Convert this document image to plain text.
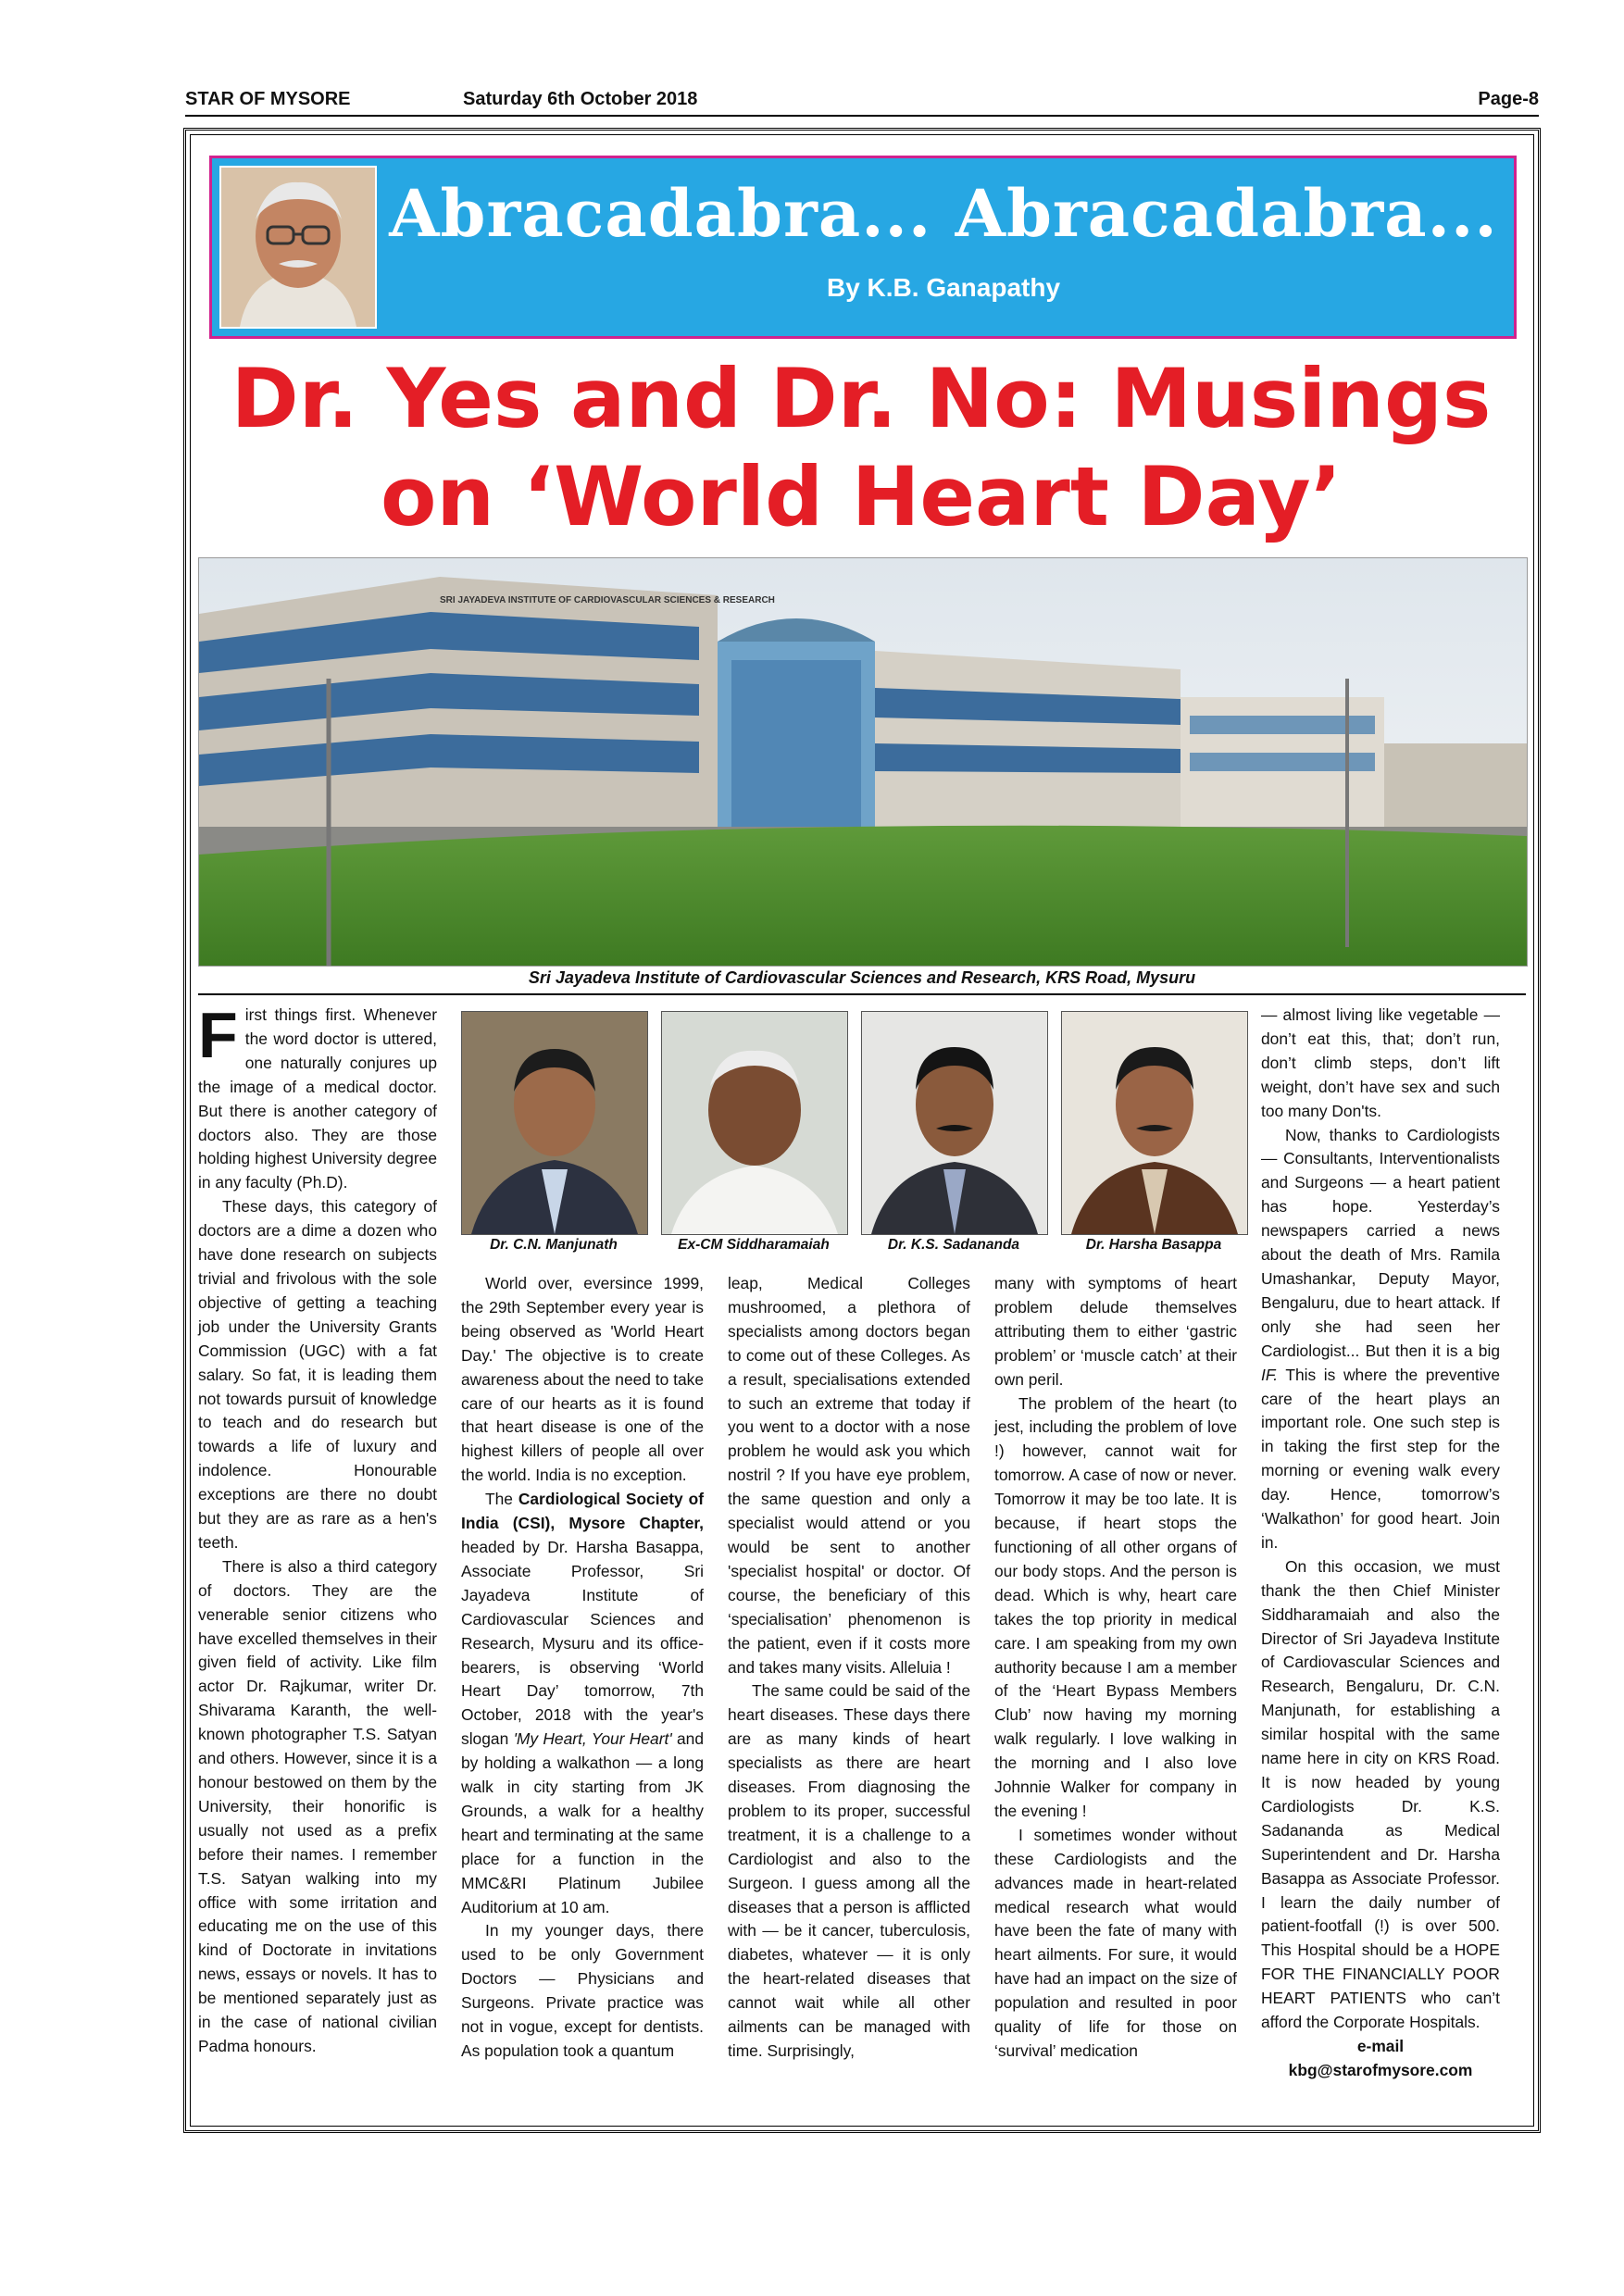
STAR OF MYSORE	Saturday 6th October 2018	Page-8
Abracadabra... Abracadabra...
By K.B. Ganapathy
Dr. Yes and Dr. No: Musings
on ‘World Heart Day’
SRI JAYADEVA INSTITUTE OF CARDIOVASCULAR SCIENCES & RESEARCH
Sri Jayadeva Institute of Cardiovascular Sciences and Research, KRS Road, Mysuru
Dr. C.N. Manjunath	Ex-CM Siddharamaiah	Dr. K.S. Sadananda	Dr. Harsha Basappa

First things first. Whenever the word doctor is uttered, one naturally conjures up the image of a medical doctor. But there is another category of doctors also. They are those holding highest University degree in any faculty (Ph.D).

These days, this category of doctors are a dime a dozen who have done research on subjects trivial and frivolous with the sole objective of getting a teaching job under the University Grants Commission (UGC) with a fat salary. So fat, it is leading them not towards pursuit of knowledge to teach and do research but towards a life of luxury and indolence. Honourable exceptions are there no doubt but they are as rare as a hen's teeth.

There is also a third category of doctors. They are the venerable senior citizens who have excelled themselves in their given field of activity. Like film actor Dr. Rajkumar, writer Dr. Shivarama Karanth, the well-known photographer T.S. Satyan and others. However, since it is a honour bestowed on them by the University, their honorific is usually not used as a prefix before their names. I remember T.S. Satyan walking into my office with some irritation and educating me on the use of this kind of Doctorate in invitations news, essays or novels. It has to be mentioned separately just as in the case of national civilian Padma honours.

World over, eversince 1999, the 29th September every year is being observed as 'World Heart Day.' The objective is to create awareness about the need to take care of our hearts as it is found that heart disease is one of the highest killers of people all over the world. India is no exception.

The Cardiological Society of India (CSI), Mysore Chapter, headed by Dr. Harsha Basappa, Associate Professor, Sri Jayadeva Institute of Cardiovascular Sciences and Research, Mysuru and its office-bearers, is observing ‘World Heart Day’ tomorrow, 7th October, 2018 with the year's slogan 'My Heart, Your Heart' and by holding a walkathon — a long walk in city starting from JK Grounds, a walk for a healthy heart and terminating at the same place for a function in the MMC&RI Platinum Jubilee Auditorium at 10 am.

In my younger days, there used to be only Government Doctors — Physicians and Surgeons. Private practice was not in vogue, except for dentists. As population took a quantum

leap, Medical Colleges mushroomed, a plethora of specialists among doctors began to come out of these Colleges. As a result, specialisations extended to such an extreme that today if you went to a doctor with a nose problem he would ask you which nostril ? If you have eye problem, the same question and only a specialist would attend or you would be sent to another 'specialist hospital' or doctor. Of course, the beneficiary of this ‘specialisation’ phenomenon is the patient, even if it costs more and takes many visits. Alleluia !

The same could be said of the heart diseases. These days there are as many kinds of heart specialists as there are heart diseases. From diagnosing the problem to its proper, successful treatment, it is a challenge to a Cardiologist and also to the Surgeon. I guess among all the diseases that a person is afflicted with — be it cancer, tuberculosis, diabetes, whatever — it is only the heart-related diseases that cannot wait while all other ailments can be managed with time. Surprisingly,

many with symptoms of heart problem delude themselves attributing them to either ‘gastric problem’ or ‘muscle catch’ at their own peril.

The problem of the heart (to jest, including the problem of love !) however, cannot wait for tomorrow. A case of now or never. Tomorrow it may be too late. It is because, if heart stops the functioning of all other organs of our body stops. And the person is dead. Which is why, heart care takes the top priority in medical care. I am speaking from my own authority because I am a member of the ‘Heart Bypass Members Club’ now having my morning walk regularly. I love walking in the morning and I also love Johnnie Walker for company in the evening !

I sometimes wonder without these Cardiologists and the advances made in heart-related medical research what would have been the fate of many with heart ailments. For sure, it would have had an impact on the size of population and resulted in poor quality of life for those on ‘survival’ medication

— almost living like vegetable — don’t eat this, that; don’t run, don’t climb steps, don’t lift weight, don’t have sex and such too many Don'ts.

Now, thanks to Cardiologists — Consultants, Interventionalists and Surgeons — a heart patient has hope. Yesterday’s newspapers carried a news about the death of Mrs. Ramila Umashankar, Deputy Mayor, Bengaluru, due to heart attack. If only she had seen her Cardiologist... But then it is a big IF. This is where the preventive care of the heart plays an important role. One such step is in taking the first step for the morning or evening walk every day. Hence, tomorrow’s ‘Walkathon’ for good heart. Join in.

On this occasion, we must thank the then Chief Minister Siddharamaiah and also the Director of Sri Jayadeva Institute of Cardiovascular Sciences and Research, Bengaluru, Dr. C.N. Manjunath, for establishing a similar hospital with the same name here in city on KRS Road. It is now headed by young Cardiologists Dr. K.S. Sadananda as Medical Superintendent and Dr. Harsha Basappa as Associate Professor. I learn the daily number of patient-footfall (!) is over 500. This Hospital should be a HOPE FOR THE FINANCIALLY POOR HEART PATIENTS who can’t afford the Corporate Hospitals.

e-mail
kbg@starofmysore.com
